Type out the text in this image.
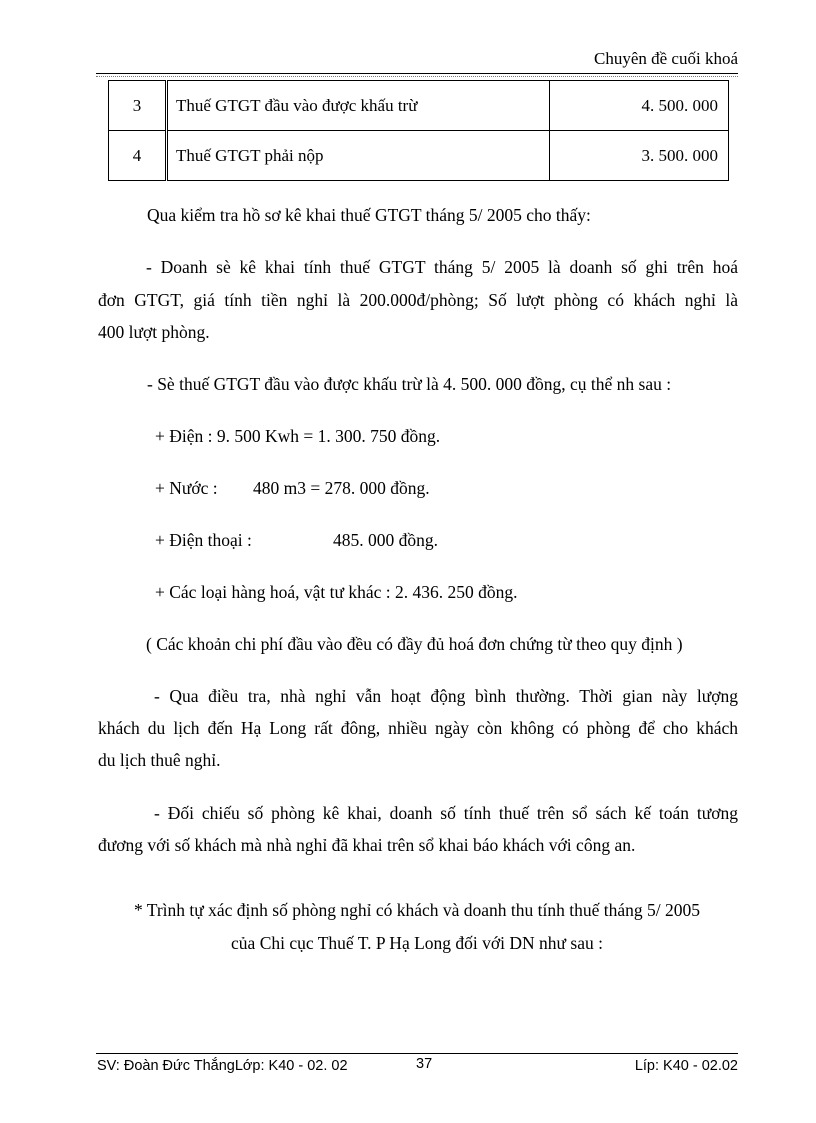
Chuyên đề cuối khoá
3	Thuế GTGT đầu vào được khấu trừ	4. 500. 000
4	Thuế GTGT phải nộp	3. 500. 000
Qua kiểm tra hồ sơ kê khai thuế GTGT tháng 5/ 2005 cho thấy:
- Doanh sè kê khai tính thuế GTGT tháng 5/ 2005 là doanh số ghi trên hoá
đơn GTGT, giá tính tiền nghỉ là 200.000đ/phòng; Số lượt phòng có khách nghỉ là
400 lượt phòng.
- Sè thuế GTGT đầu vào được khấu trừ là 4. 500. 000 đồng, cụ thể nh sau :
+ Điện : 9. 500 Kwh = 1. 300. 750 đồng.
+ Nước : 480 m3 = 278. 000 đồng.
+ Điện thoại :	485. 000 đồng.
+ Các loại hàng hoá, vật tư khác : 2. 436. 250 đồng.
( Các khoản chi phí đầu vào đều có đầy đủ hoá đơn chứng từ theo quy định )
- Qua điều tra, nhà nghỉ vẫn hoạt động bình thường. Thời gian này lượng
khách du lịch đến Hạ Long rất đông, nhiều ngày còn không có phòng để cho khách
du lịch thuê nghỉ.
- Đối chiếu số phòng kê khai, doanh số tính thuế trên sổ sách kế toán tương
đương với số khách mà nhà nghỉ đã khai trên sổ khai báo khách với công an.
* Trình tự xác định số phòng nghỉ có khách và doanh thu tính thuế tháng 5/ 2005
của Chi cục Thuế T. P Hạ Long đối với DN như sau :
SV: Đoàn Đức ThắngLớp: K40 - 02. 02	37	Líp: K40 - 02.02
